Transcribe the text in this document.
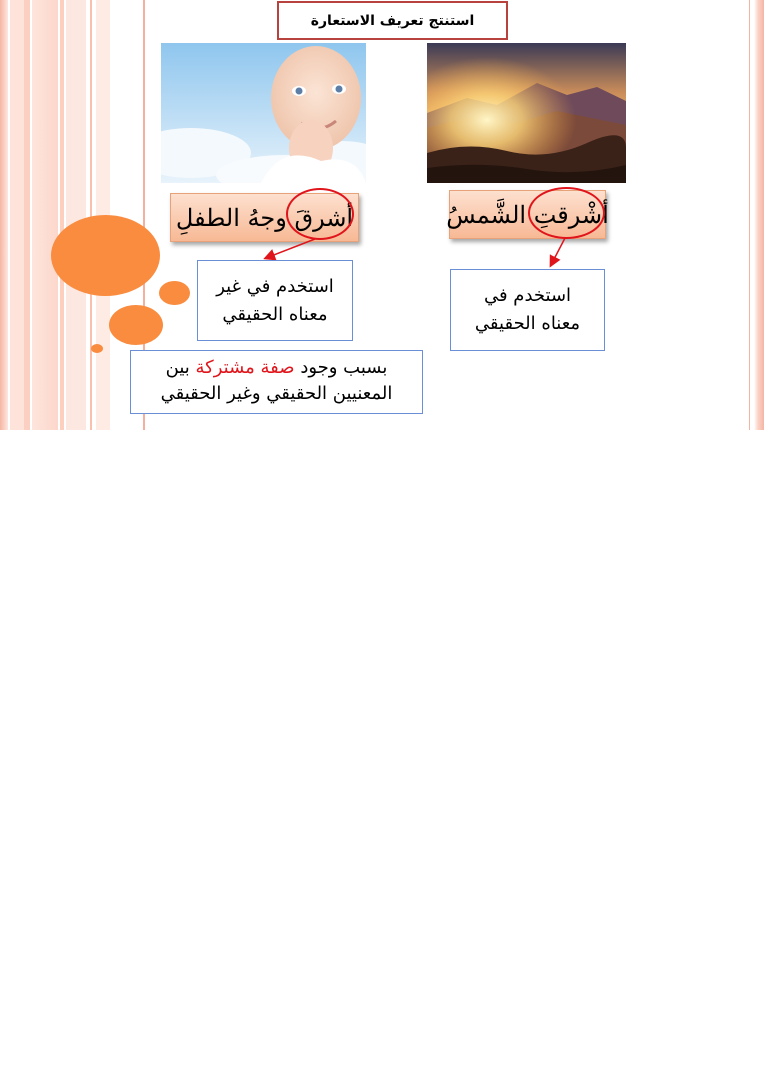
استنتج تعريف الاستعارة
أشرقَ

وجهُ الطفلِ	أشْرقتِ

الشَّمسُ
استخدم في غير معناه الحقيقي
استخدم في معناه الحقيقي
بسبب وجود صفة مشتركة بين المعنيين الحقيقي وغير الحقيقي
